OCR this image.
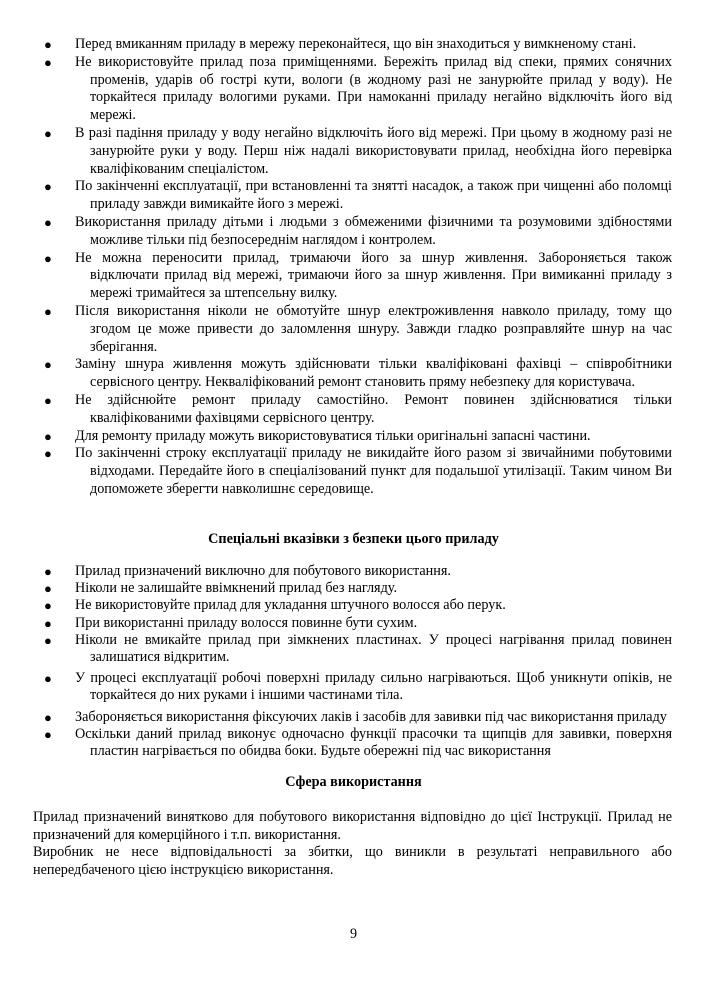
● Перед вмиканням приладу в мережу переконайтеся, що він знаходиться у вимкненому стані.
● Не використовуйте прилад поза приміщеннями. Бережіть прилад від спеки, прямих сонячних променів, ударів об гострі кути, вологи (в жодному разі не занурюйте прилад у воду). Не торкайтеся приладу вологими руками. При намоканні приладу негайно відключіть його від мережі.
● В разі падіння приладу у воду негайно відключіть його від мережі. При цьому в жодному разі не занурюйте руки у воду. Перш ніж надалі використовувати прилад, необхідна його перевірка кваліфікованим спеціалістом.
● По закінченні експлуатації, при встановленні та знятті насадок, а також при чищенні або поломці приладу завжди вимикайте його з мережі.
● Використання приладу дітьми і людьми з обмеженими фізичними та розумовими здібностями можливе тільки під безпосереднім наглядом і контролем.
● Не можна переносити прилад, тримаючи його за шнур живлення. Забороняється також відключати прилад від мережі, тримаючи його за шнур живлення. При вимиканні приладу з мережі тримайтеся за штепсельну вилку.
● Після використання ніколи не обмотуйте шнур електроживлення навколо приладу, тому що згодом це може привести до заломлення шнуру. Завжди гладко розправляйте шнур на час зберігання.
● Заміну шнура живлення можуть здійснювати тільки кваліфіковані фахівці – співробітники сервісного центру. Некваліфікований ремонт становить пряму небезпеку для користувача.
● Не здійснюйте ремонт приладу самостійно. Ремонт повинен здійснюватися тільки кваліфікованими фахівцями сервісного центру.
● Для ремонту приладу можуть використовуватися тільки оригінальні запасні частини.
● По закінченні строку експлуатації приладу не викидайте його разом зі звичайними побутовими відходами. Передайте його в спеціалізований пункт для подальшої утилізації. Таким чином Ви допоможете зберегти навколишнє середовище.
Спеціальні вказівки з безпеки цього приладу
● Прилад призначений виключно для побутового використання.
● Ніколи не залишайте ввімкнений прилад без нагляду.
● Не використовуйте прилад для укладання штучного волосся або перук.
● При використанні приладу волосся повинне бути сухим.
● Ніколи не вмикайте прилад при зімкнених пластинах. У процесі нагрівання прилад повинен залишатися відкритим.
● У процесі експлуатації робочі поверхні приладу сильно нагріваються. Щоб уникнути опіків, не торкайтеся до них руками і іншими частинами тіла.
● Забороняється використання фіксуючих лаків і засобів для завивки під час використання приладу
● Оскільки даний прилад виконує одночасно функції прасочки та щипців для завивки, поверхня пластин нагрівається по обидва боки. Будьте обережні під час використання
Сфера використання
Прилад призначений винятково для побутового використання відповідно до цієї Інструкції. Прилад не призначений для комерційного і т.п. використання.
Виробник не несе відповідальності за збитки, що виникли в результаті неправильного або непередбаченого цією інструкцією використання.
9
